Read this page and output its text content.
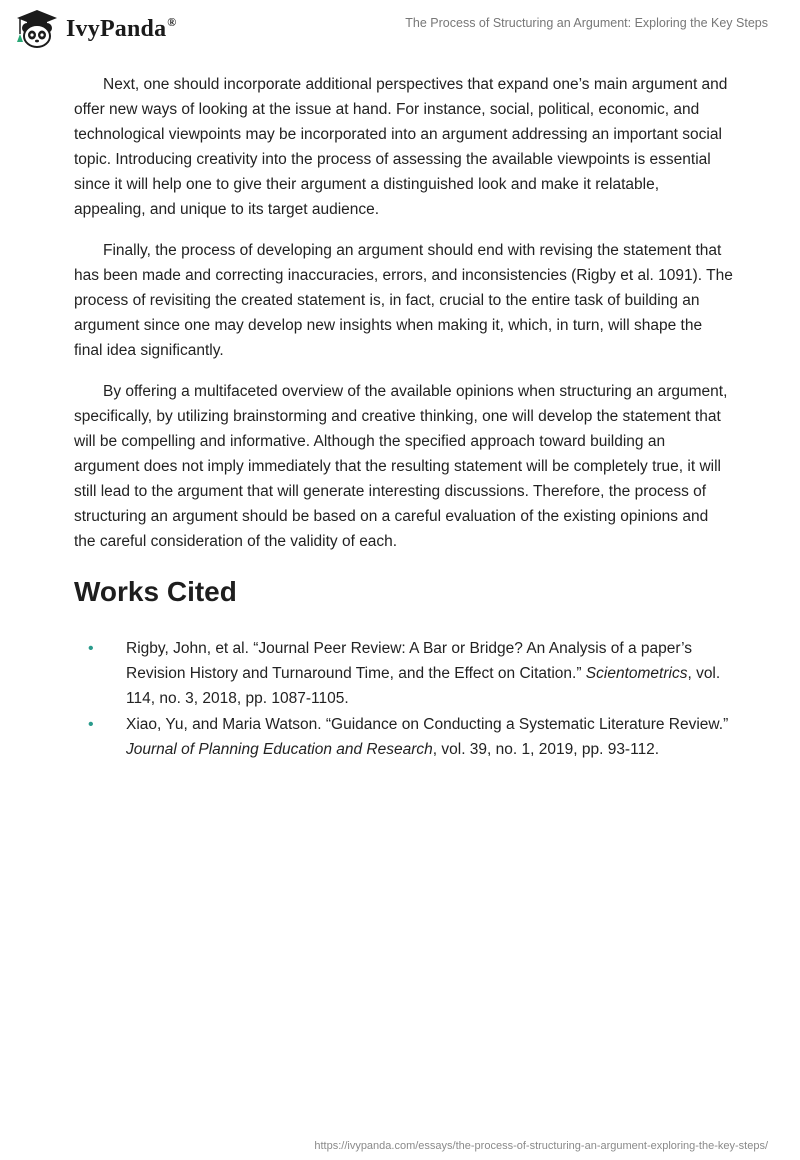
IvyPanda®	The Process of Structuring an Argument: Exploring the Key Steps

Next, one should incorporate additional perspectives that expand one’s main argument and offer new ways of looking at the issue at hand. For instance, social, political, economic, and technological viewpoints may be incorporated into an argument addressing an important social topic. Introducing creativity into the process of assessing the available viewpoints is essential since it will help one to give their argument a distinguished look and make it relatable, appealing, and unique to its target audience.

Finally, the process of developing an argument should end with revising the statement that has been made and correcting inaccuracies, errors, and inconsistencies (Rigby et al. 1091). The process of revisiting the created statement is, in fact, crucial to the entire task of building an argument since one may develop new insights when making it, which, in turn, will shape the final idea significantly.

By offering a multifaceted overview of the available opinions when structuring an argument, specifically, by utilizing brainstorming and creative thinking, one will develop the statement that will be compelling and informative. Although the specified approach toward building an argument does not imply immediately that the resulting statement will be completely true, it will still lead to the argument that will generate interesting discussions. Therefore, the process of structuring an argument should be based on a careful evaluation of the existing opinions and the careful consideration of the validity of each.

Works Cited
• Rigby, John, et al. “Journal Peer Review: A Bar or Bridge? An Analysis of a paper’s Revision History and Turnaround Time, and the Effect on Citation.” Scientometrics, vol. 114, no. 3, 2018, pp. 1087-1105.
• Xiao, Yu, and Maria Watson. “Guidance on Conducting a Systematic Literature Review.” Journal of Planning Education and Research, vol. 39, no. 1, 2019, pp. 93-112.
https://ivypanda.com/essays/the-process-of-structuring-an-argument-exploring-the-key-steps/
